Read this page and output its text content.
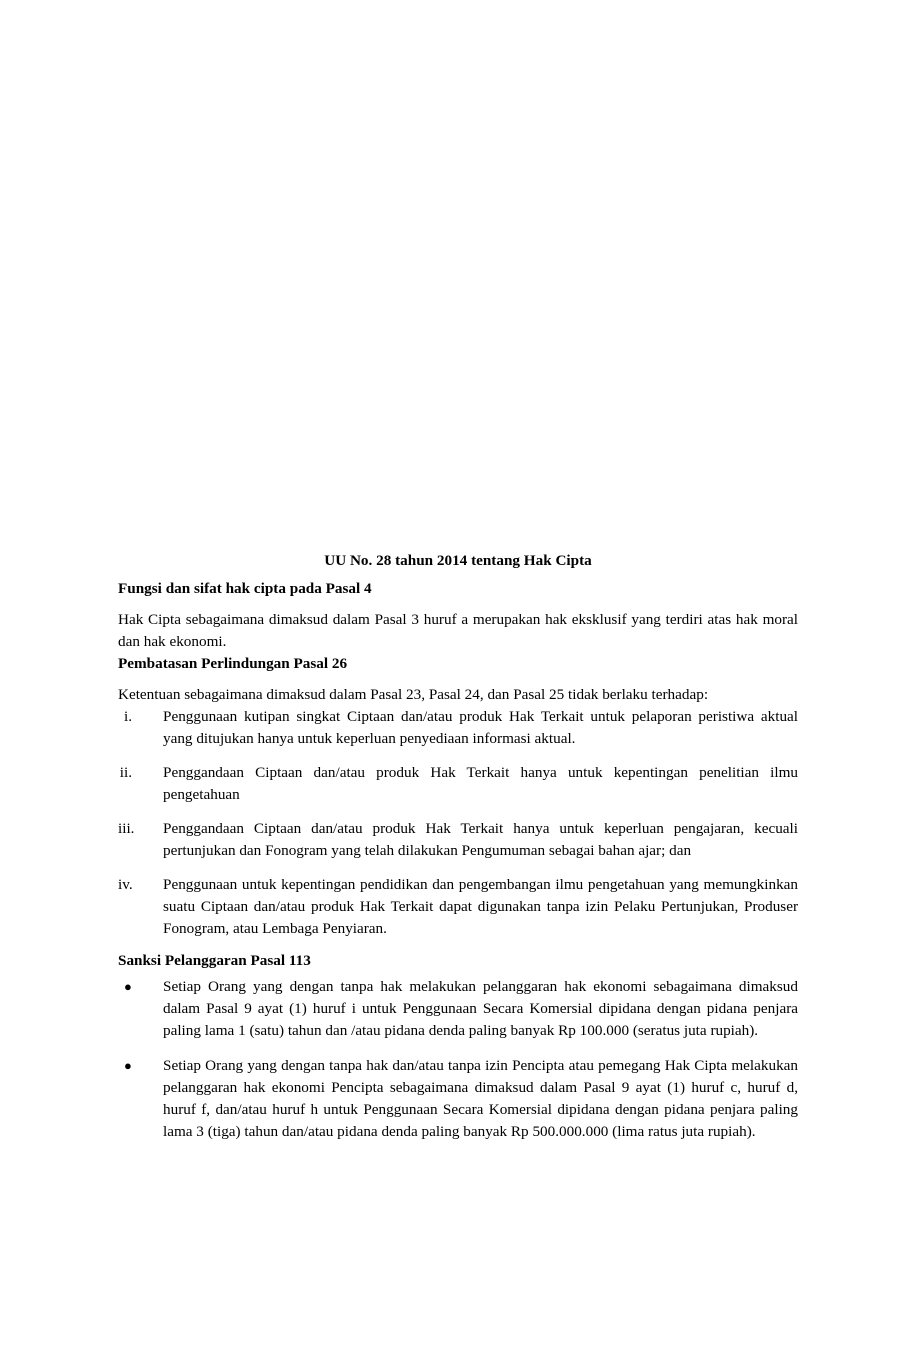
UU No. 28 tahun 2014 tentang Hak Cipta

Fungsi dan sifat hak cipta pada Pasal 4

Hak Cipta sebagaimana dimaksud dalam Pasal 3 huruf a merupakan hak eksklusif yang terdiri atas hak moral dan hak ekonomi.

Pembatasan Perlindungan Pasal 26

Ketentuan sebagaimana dimaksud dalam Pasal 23, Pasal 24, dan Pasal 25 tidak berlaku terhadap:

i. Penggunaan kutipan singkat Ciptaan dan/atau produk Hak Terkait untuk pelaporan peristiwa aktual yang ditujukan hanya untuk keperluan penyediaan informasi aktual.
ii. Penggandaan Ciptaan dan/atau produk Hak Terkait hanya untuk kepentingan penelitian ilmu pengetahuan
iii. Penggandaan Ciptaan dan/atau produk Hak Terkait hanya untuk keperluan pengajaran, kecuali pertunjukan dan Fonogram yang telah dilakukan Pengumuman sebagai bahan ajar; dan
iv. Penggunaan untuk kepentingan pendidikan dan pengembangan ilmu pengetahuan yang memungkinkan suatu Ciptaan dan/atau produk Hak Terkait dapat digunakan tanpa izin Pelaku Pertunjukan, Produser Fonogram, atau Lembaga Penyiaran.

Sanksi Pelanggaran Pasal 113

● Setiap Orang yang dengan tanpa hak melakukan pelanggaran hak ekonomi sebagaimana dimaksud dalam Pasal 9 ayat (1) huruf i untuk Penggunaan Secara Komersial dipidana dengan pidana penjara paling lama 1 (satu) tahun dan /atau pidana denda paling banyak Rp 100.000 (seratus juta rupiah).
● Setiap Orang yang dengan tanpa hak dan/atau tanpa izin Pencipta atau pemegang Hak Cipta melakukan pelanggaran hak ekonomi Pencipta sebagaimana dimaksud dalam Pasal 9 ayat (1) huruf c, huruf d, huruf f, dan/atau huruf h untuk Penggunaan Secara Komersial dipidana dengan pidana penjara paling lama 3 (tiga) tahun dan/atau pidana denda paling banyak Rp 500.000.000 (lima ratus juta rupiah).
